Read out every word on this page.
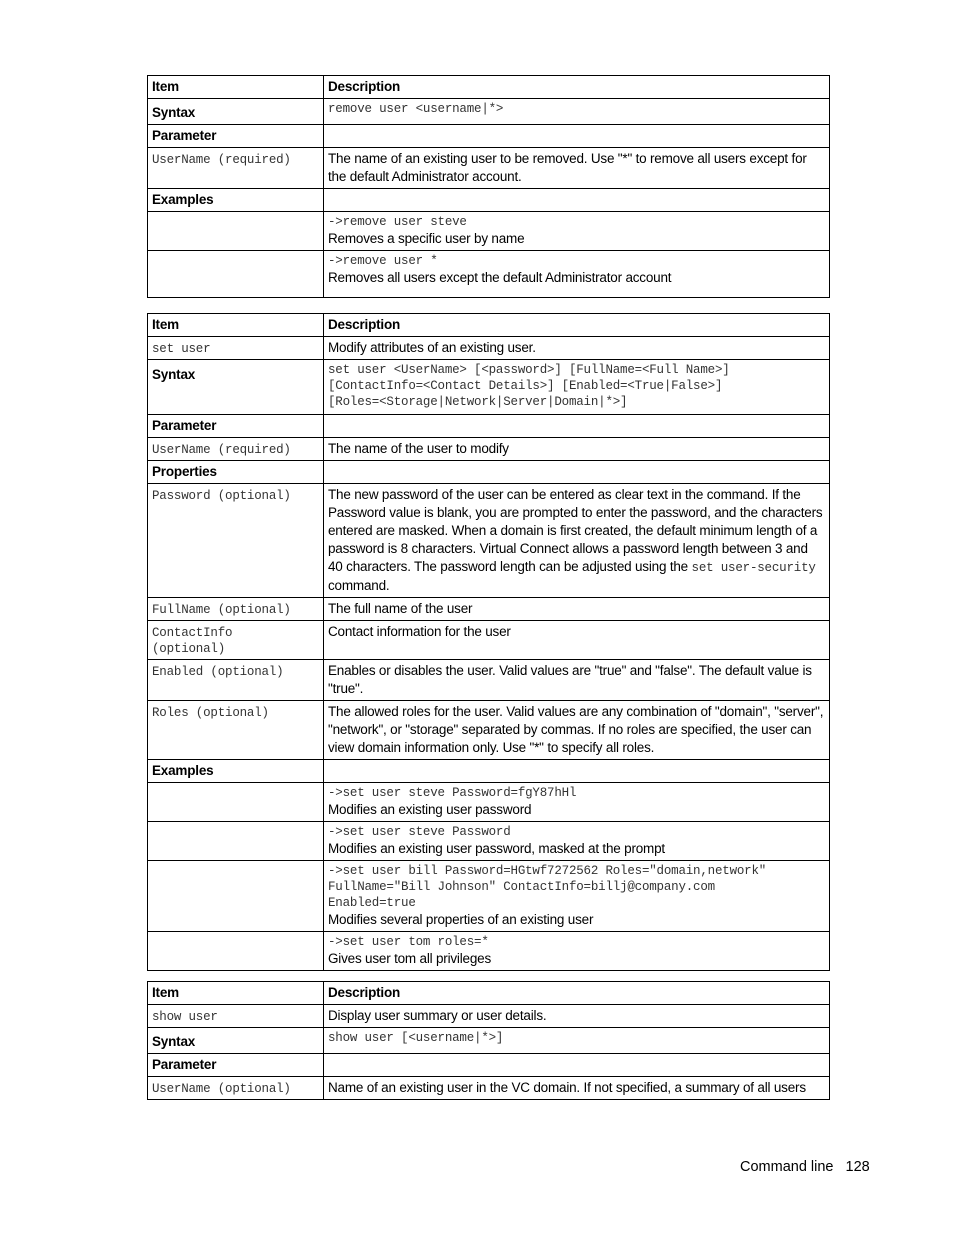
Item	Description
Syntax	remove user <username|*>

Parameter	

UserName (required)	The name of an existing user to be removed. Use "*" to remove all users except for the default Administrator account.
Examples	

	->remove user steve
Removes a specific user by name

	->remove user *
Removes all users except the default Administrator account
Item	Description

set user	Modify attributes of an existing user.
Syntax	set user <UserName> [<password>] [FullName=<Full Name>]
[ContactInfo=<Contact Details>] [Enabled=<True|False>]
[Roles=<Storage|Network|Server|Domain|*>]

Parameter	

UserName (required)	The name of the user to modify
Properties	

Password (optional)	The new password of the user can be entered as clear text in the command. If the Password value is blank, you are prompted to enter the password, and the characters entered are masked. When a domain is first created, the default minimum length of a password is 8 characters. Virtual Connect allows a password length between 3 and 40 characters. The password length can be adjusted using the set user-security command.

FullName (optional)	The full name of the user

ContactInfo
(optional)	Contact information for the user

Enabled (optional)	Enables or disables the user. Valid values are "true" and "false". The default value is "true".

Roles (optional)	The allowed roles for the user. Valid values are any combination of "domain", "server", "network", or "storage" separated by commas. If no roles are specified, the user can view domain information only. Use "*" to specify all roles.
Examples	

	->set user steve Password=fgY87hHl
Modifies an existing user password

	->set user steve Password
Modifies an existing user password, masked at the prompt

	->set user bill Password=HGtwf7272562 Roles="domain,network"
FullName="Bill Johnson" ContactInfo=billj@company.com
Enabled=true
Modifies several properties of an existing user

	->set user tom roles=*
Gives user tom all privileges
Item	Description

show user	Display user summary or user details.
Syntax	show user [<username|*>]

Parameter	

UserName (optional)	Name of an existing user in the VC domain. If not specified, a summary of all users
Command line 128
